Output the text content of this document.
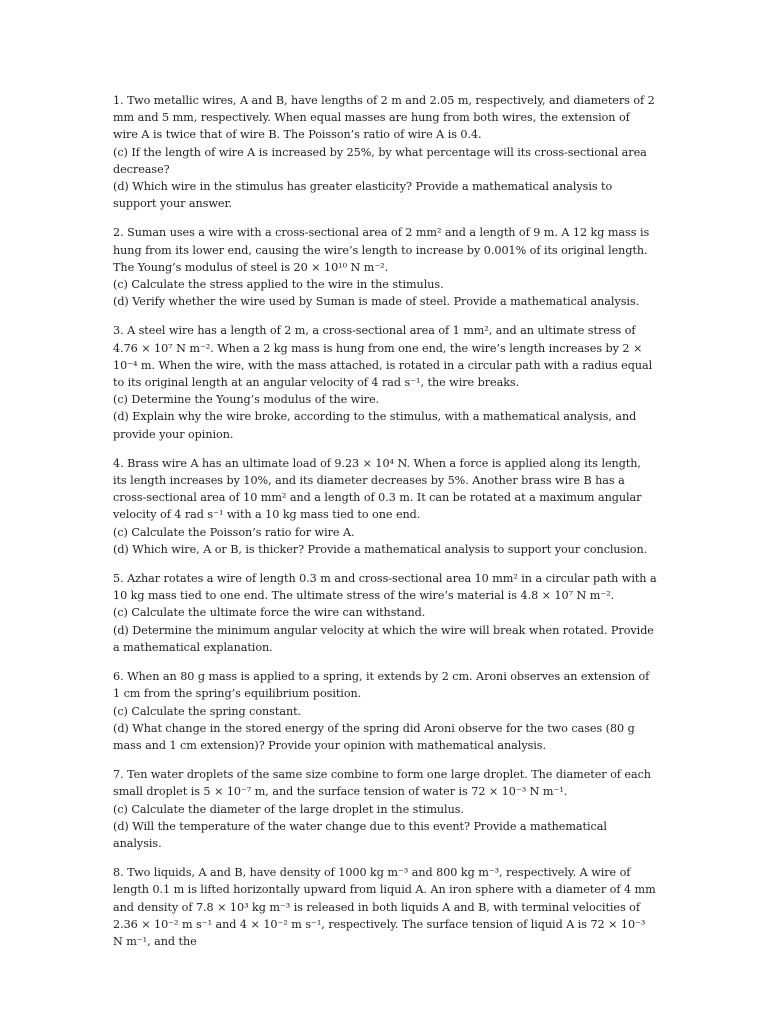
1. Two metallic wires, A and B, have lengths of 2 m and 2.05 m, respectively, and diameters of 2 mm and 5 mm, respectively. When equal masses are hung from both wires, the extension of wire A is twice that of wire B. The Poisson’s ratio of wire A is 0.4.

(c) If the length of wire A is increased by 25%, by what percentage will its cross-sectional area decrease?

(d) Which wire in the stimulus has greater elasticity? Provide a mathematical analysis to support your answer.

2. Suman uses a wire with a cross-sectional area of 2 mm² and a length of 9 m. A 12 kg mass is hung from its lower end, causing the wire’s length to increase by 0.001% of its original length. The Young’s modulus of steel is 20 × 10¹⁰ N m⁻².

(c) Calculate the stress applied to the wire in the stimulus.

(d) Verify whether the wire used by Suman is made of steel. Provide a mathematical analysis.

3. A steel wire has a length of 2 m, a cross-sectional area of 1 mm², and an ultimate stress of 4.76 × 10⁷ N m⁻². When a 2 kg mass is hung from one end, the wire’s length increases by 2 × 10⁻⁴ m. When the wire, with the mass attached, is rotated in a circular path with a radius equal to its original length at an angular velocity of 4 rad s⁻¹, the wire breaks.

(c) Determine the Young’s modulus of the wire.

(d) Explain why the wire broke, according to the stimulus, with a mathematical analysis, and provide your opinion.

4. Brass wire A has an ultimate load of 9.23 × 10⁴ N. When a force is applied along its length, its length increases by 10%, and its diameter decreases by 5%. Another brass wire B has a cross-sectional area of 10 mm² and a length of 0.3 m. It can be rotated at a maximum angular velocity of 4 rad s⁻¹ with a 10 kg mass tied to one end.

(c) Calculate the Poisson’s ratio for wire A.

(d) Which wire, A or B, is thicker? Provide a mathematical analysis to support your conclusion.

5. Azhar rotates a wire of length 0.3 m and cross-sectional area 10 mm² in a circular path with a 10 kg mass tied to one end. The ultimate stress of the wire’s material is 4.8 × 10⁷ N m⁻².

(c) Calculate the ultimate force the wire can withstand.

(d) Determine the minimum angular velocity at which the wire will break when rotated. Provide a mathematical explanation.

6. When an 80 g mass is applied to a spring, it extends by 2 cm. Aroni observes an extension of 1 cm from the spring’s equilibrium position.

(c) Calculate the spring constant.

(d) What change in the stored energy of the spring did Aroni observe for the two cases (80 g mass and 1 cm extension)? Provide your opinion with mathematical analysis.

7. Ten water droplets of the same size combine to form one large droplet. The diameter of each small droplet is 5 × 10⁻⁷ m, and the surface tension of water is 72 × 10⁻³ N m⁻¹.

(c) Calculate the diameter of the large droplet in the stimulus.

(d) Will the temperature of the water change due to this event? Provide a mathematical analysis.

8. Two liquids, A and B, have density of 1000 kg m⁻³ and 800 kg m⁻³, respectively. A wire of length 0.1 m is lifted horizontally upward from liquid A. An iron sphere with a diameter of 4 mm and density of 7.8 × 10³ kg m⁻³ is released in both liquids A and B, with terminal velocities of 2.36 × 10⁻² m s⁻¹ and 4 × 10⁻² m s⁻¹, respectively. The surface tension of liquid A is 72 × 10⁻³ N m⁻¹, and the
